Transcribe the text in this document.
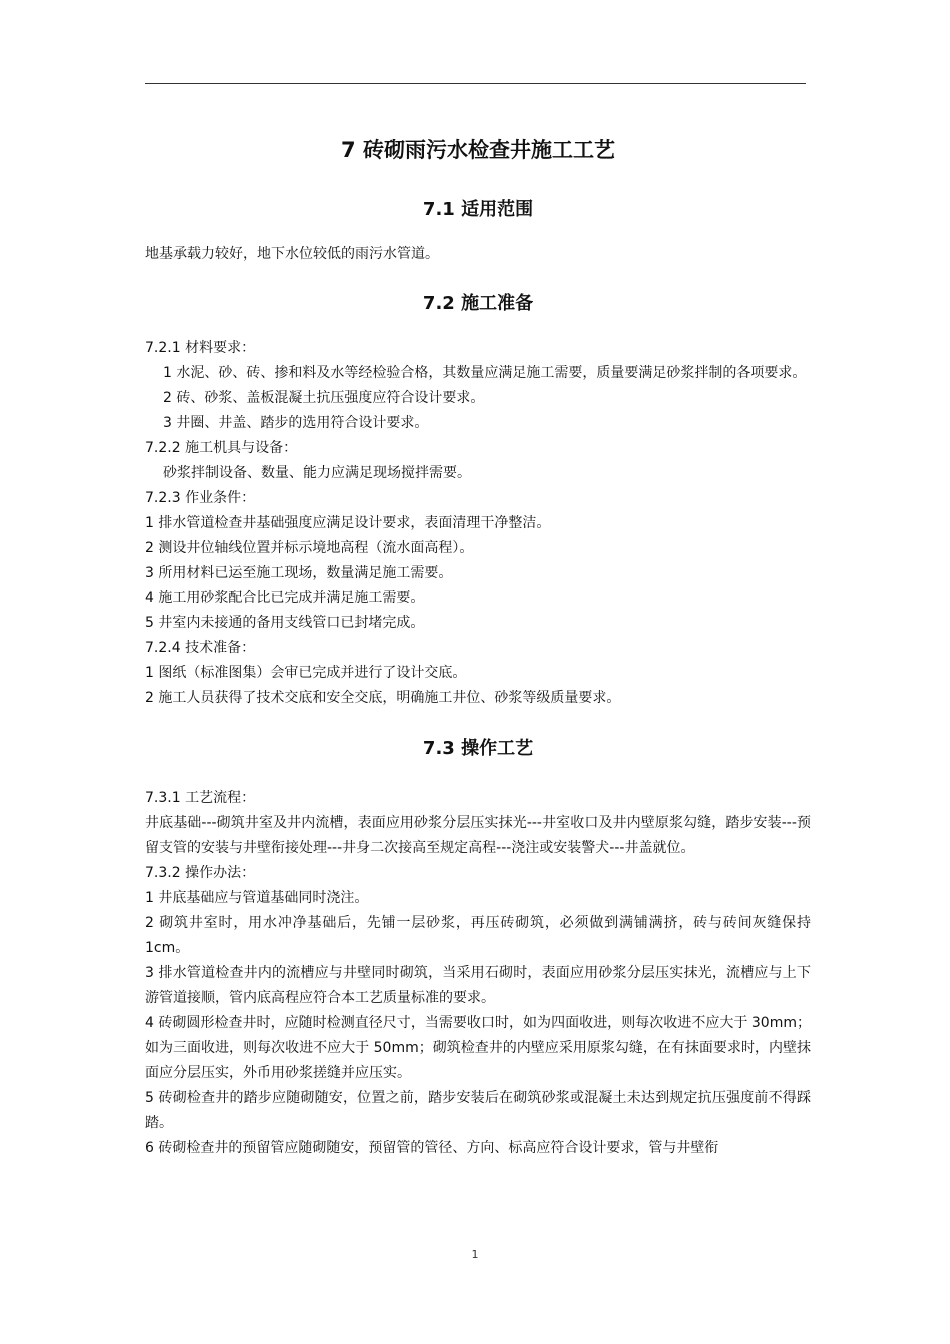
7 砖砌雨污水检查井施工工艺
7.1 适用范围

地基承载力较好，地下水位较低的雨污水管道。

7.2 施工准备

7.2.1 材料要求：

1 水泥、砂、砖、掺和料及水等经检验合格，其数量应满足施工需要，质量要满足砂浆拌制的各项要求。

2 砖、砂浆、盖板混凝土抗压强度应符合设计要求。

3 井圈、井盖、踏步的选用符合设计要求。

7.2.2 施工机具与设备：

砂浆拌制设备、数量、能力应满足现场搅拌需要。

7.2.3 作业条件：

1 排水管道检查井基础强度应满足设计要求，表面清理干净整洁。

2 测设井位轴线位置并标示境地高程（流水面高程）。

3 所用材料已运至施工现场，数量满足施工需要。

4 施工用砂浆配合比已完成并满足施工需要。

5 井室内未接通的备用支线管口已封堵完成。

7.2.4 技术准备：

1 图纸（标准图集）会审已完成并进行了设计交底。

2 施工人员获得了技术交底和安全交底，明确施工井位、砂浆等级质量要求。

7.3 操作工艺

7.3.1 工艺流程：

井底基础---砌筑井室及井内流槽，表面应用砂浆分层压实抹光---井室收口及井内壁原浆勾缝，踏步安装---预留支管的安装与井壁衔接处理---井身二次接高至规定高程---浇注或安装警犬---井盖就位。

7.3.2 操作办法：

1 井底基础应与管道基础同时浇注。

2 砌筑井室时，用水冲净基础后，先铺一层砂浆，再压砖砌筑，必须做到满铺满挤，砖与砖间灰缝保持 1cm。

3 排水管道检查井内的流槽应与井壁同时砌筑，当采用石砌时，表面应用砂浆分层压实抹光，流槽应与上下游管道接顺，管内底高程应符合本工艺质量标准的要求。

4 砖砌圆形检查井时，应随时检测直径尺寸，当需要收口时，如为四面收进，则每次收进不应大于 30mm；如为三面收进，则每次收进不应大于 50mm；砌筑检查井的内壁应采用原浆勾缝，在有抹面要求时，内壁抹面应分层压实，外币用砂浆搓缝并应压实。

5 砖砌检查井的踏步应随砌随安，位置之前，踏步安装后在砌筑砂浆或混凝土未达到规定抗压强度前不得踩踏。

6 砖砌检查井的预留管应随砌随安，预留管的管径、方向、标高应符合设计要求，管与井壁衔

1
